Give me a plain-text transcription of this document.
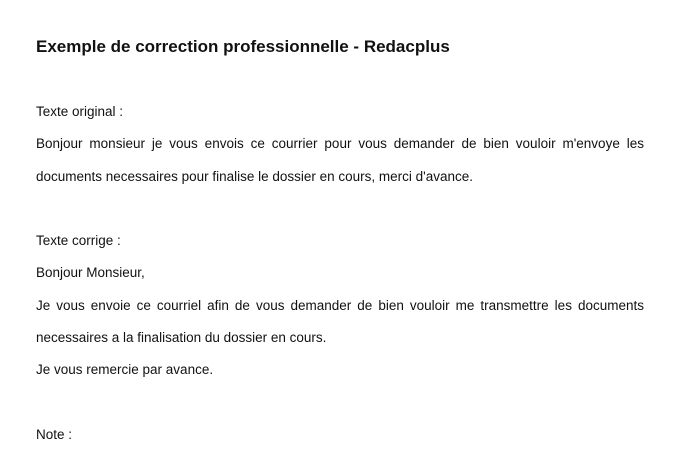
Exemple de correction professionnelle - Redacplus

Texte original :

Bonjour monsieur je vous envois ce courrier pour vous demander de bien vouloir m'envoye les

documents necessaires pour finalise le dossier en cours, merci d'avance.

Texte corrige :

Bonjour Monsieur,

Je vous envoie ce courriel afin de vous demander de bien vouloir me transmettre les documents

necessaires a la finalisation du dossier en cours.

Je vous remercie par avance.

Note :
